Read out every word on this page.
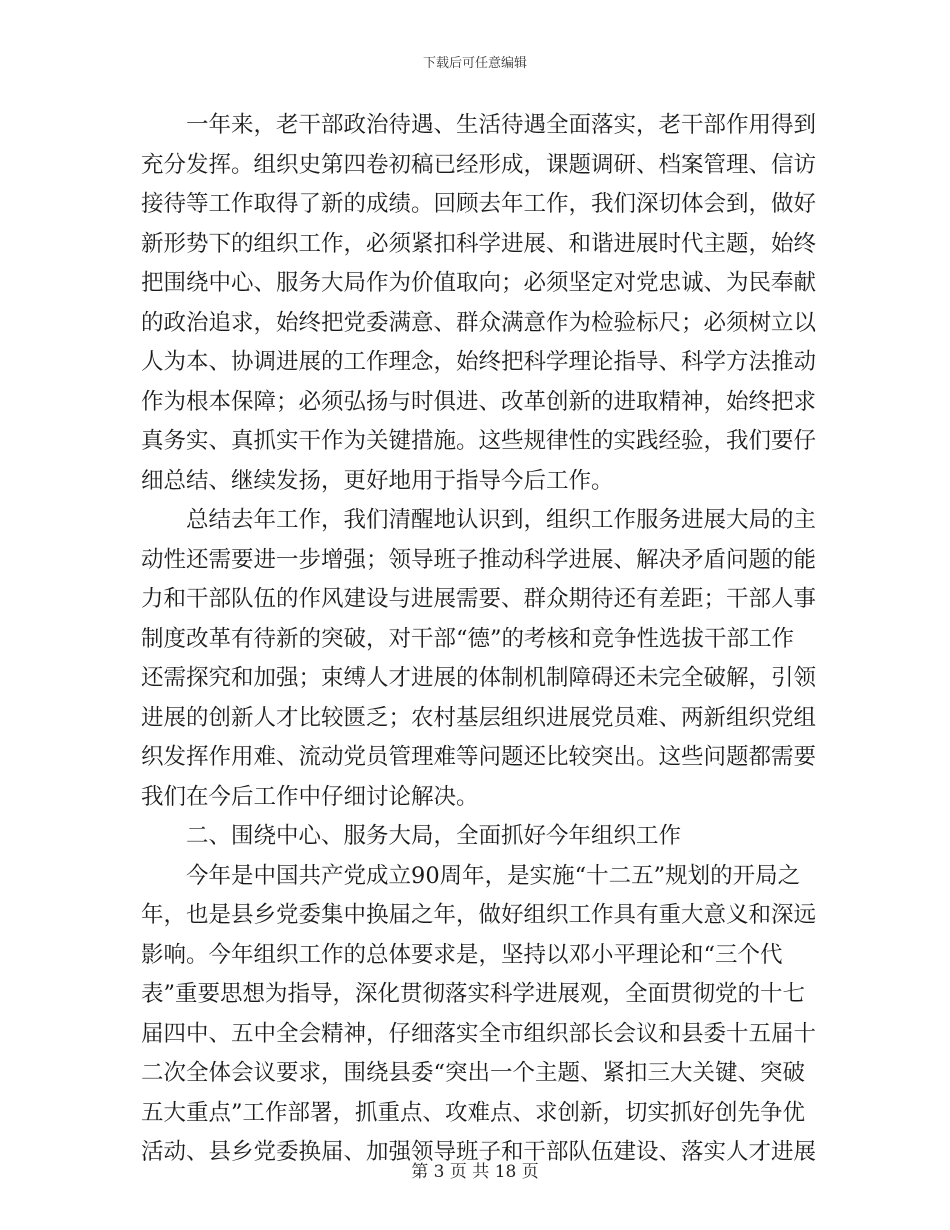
下载后可任意编辑
一年来，老干部政治待遇、生活待遇全面落实，老干部作用得到
充分发挥。组织史第四卷初稿已经形成，课题调研、档案管理、信访
接待等工作取得了新的成绩。回顾去年工作，我们深切体会到，做好
新形势下的组织工作，必须紧扣科学进展、和谐进展时代主题，始终
把围绕中心、服务大局作为价值取向；必须坚定对党忠诚、为民奉献
的政治追求，始终把党委满意、群众满意作为检验标尺；必须树立以
人为本、协调进展的工作理念，始终把科学理论指导、科学方法推动
作为根本保障；必须弘扬与时俱进、改革创新的进取精神，始终把求
真务实、真抓实干作为关键措施。这些规律性的实践经验，我们要仔
细总结、继续发扬，更好地用于指导今后工作。
总结去年工作，我们清醒地认识到，组织工作服务进展大局的主
动性还需要进一步增强；领导班子推动科学进展、解决矛盾问题的能
力和干部队伍的作风建设与进展需要、群众期待还有差距；干部人事
制度改革有待新的突破，对干部“德”的考核和竞争性选拔干部工作
还需探究和加强；束缚人才进展的体制机制障碍还未完全破解，引领
进展的创新人才比较匮乏；农村基层组织进展党员难、两新组织党组
织发挥作用难、流动党员管理难等问题还比较突出。这些问题都需要
我们在今后工作中仔细讨论解决。
二、围绕中心、服务大局，全面抓好今年组织工作
今年是中国共产党成立90周年，是实施“十二五”规划的开局之
年，也是县乡党委集中换届之年，做好组织工作具有重大意义和深远
影响。今年组织工作的总体要求是，坚持以邓小平理论和“三个代
表”重要思想为指导，深化贯彻落实科学进展观，全面贯彻党的十七
届四中、五中全会精神，仔细落实全市组织部长会议和县委十五届十
二次全体会议要求，围绕县委“突出一个主题、紧扣三大关键、突破
五大重点”工作部署，抓重点、攻难点、求创新，切实抓好创先争优
活动、县乡党委换届、加强领导班子和干部队伍建设、落实人才进展
第 3 页 共 18 页
